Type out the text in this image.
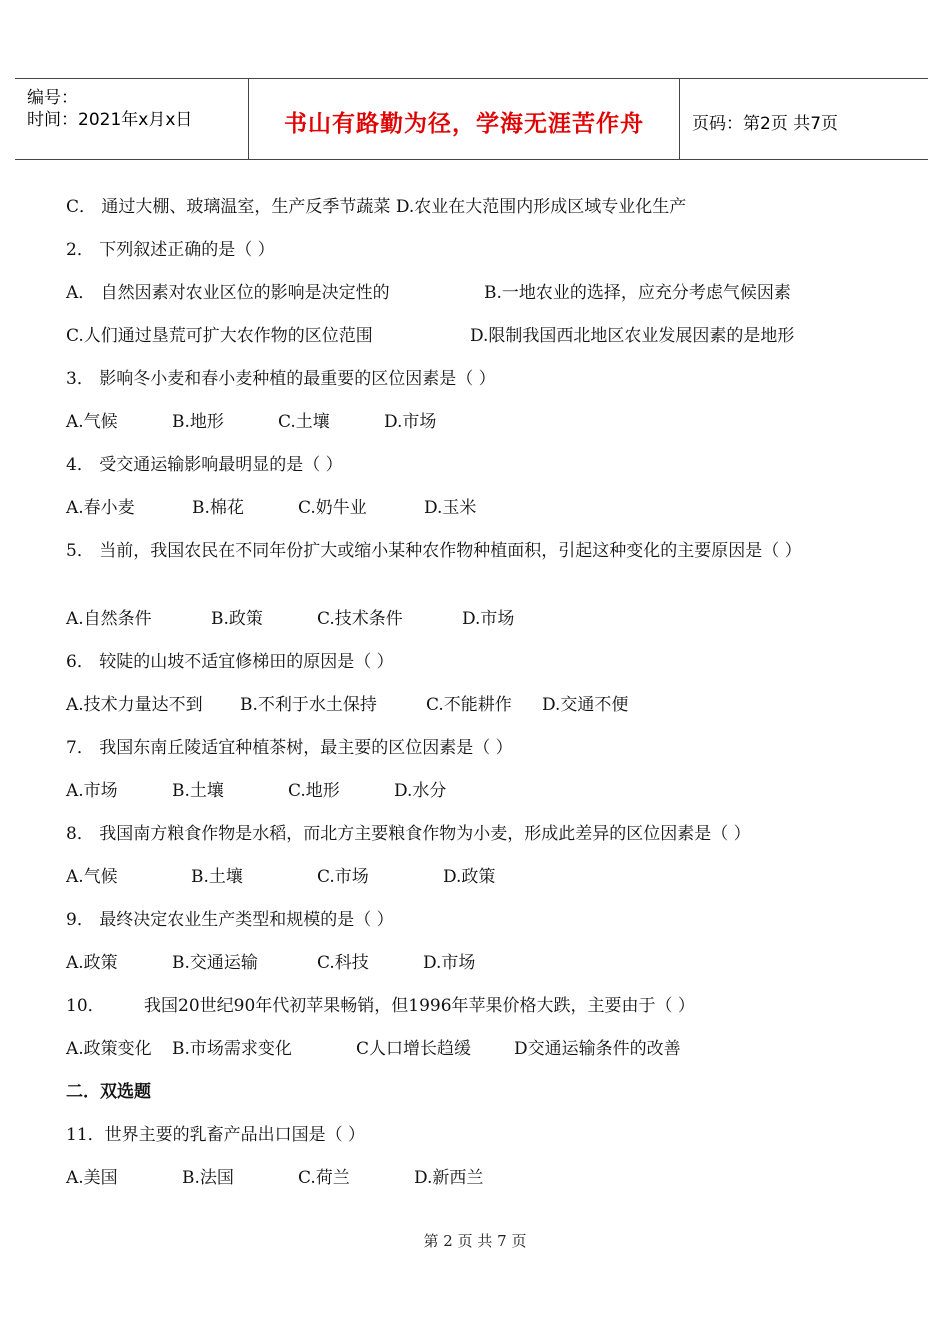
编号：
时间：2021年x月x日	书山有路勤为径，学海无涯苦作舟	页码：第2页 共7页
C． 通过大棚、玻璃温室，生产反季节蔬菜 D.农业在大范围内形成区域专业化生产
2． 下列叙述正确的是（ ）
A． 自然因素对农业区位的影响是决定性的	B.一地农业的选择，应充分考虑气候因素
C.人们通过垦荒可扩大农作物的区位范围	D.限制我国西北地区农业发展因素的是地形
3． 影响冬小麦和春小麦种植的最重要的区位因素是（ ）
A.气候	B.地形	C.土壤	D.市场
4． 受交通运输影响最明显的是（ ）
A.春小麦	B.棉花	C.奶牛业	D.玉米
5． 当前，我国农民在不同年份扩大或缩小某种农作物种植面积，引起这种变化的主要原因是（ ）
A.自然条件	B.政策	C.技术条件	D.市场
6． 较陡的山坡不适宜修梯田的原因是（ ）
A.技术力量达不到 B.不利于水土保持	C.不能耕作 D.交通不便
7． 我国东南丘陵适宜种植茶树，最主要的区位因素是（ ）
A.市场	B.土壤	C.地形	D.水分
8． 我国南方粮食作物是水稻，而北方主要粮食作物为小麦，形成此差异的区位因素是（ ）
A.气候	B.土壤	C.市场	D.政策
9． 最终决定农业生产类型和规模的是（ ）
A.政策	B.交通运输	C.科技	D.市场
10． 我国20世纪90年代初苹果畅销，但1996年苹果价格大跌，主要由于（ ）
A.政策变化 B.市场需求变化	C人口增长趋缓	D交通运输条件的改善
二．双选题
11．世界主要的乳畜产品出口国是（ ）
A.美国	B.法国	C.荷兰	D.新西兰
第 2 页 共 7 页
